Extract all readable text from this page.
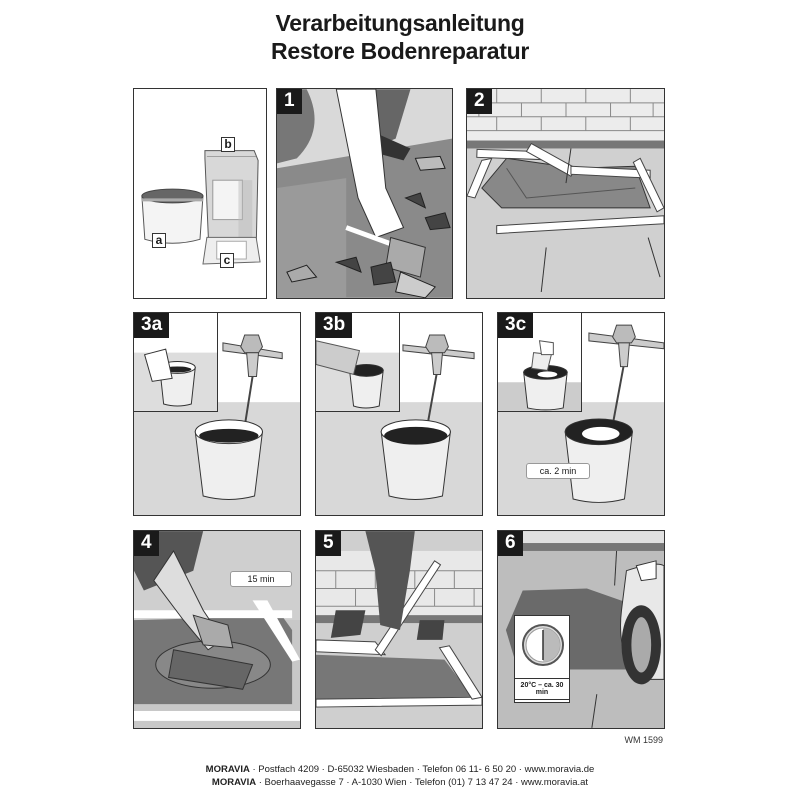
Verarbeitungsanleitung
Restore Bodenreparatur
a
b
c
1	2
3a	3b
ca. 2 min
3c
15 min
4	5
20°C – ca. 30 min
6
WM 1599
MORAVIA · Postfach 4209 · D-65032 Wiesbaden · Telefon 06 11- 6 50 20 · www.moravia.de
MORAVIA · Boerhaavegasse 7 · A-1030 Wien · Telefon (01) 7 13 47 24 · www.moravia.at
